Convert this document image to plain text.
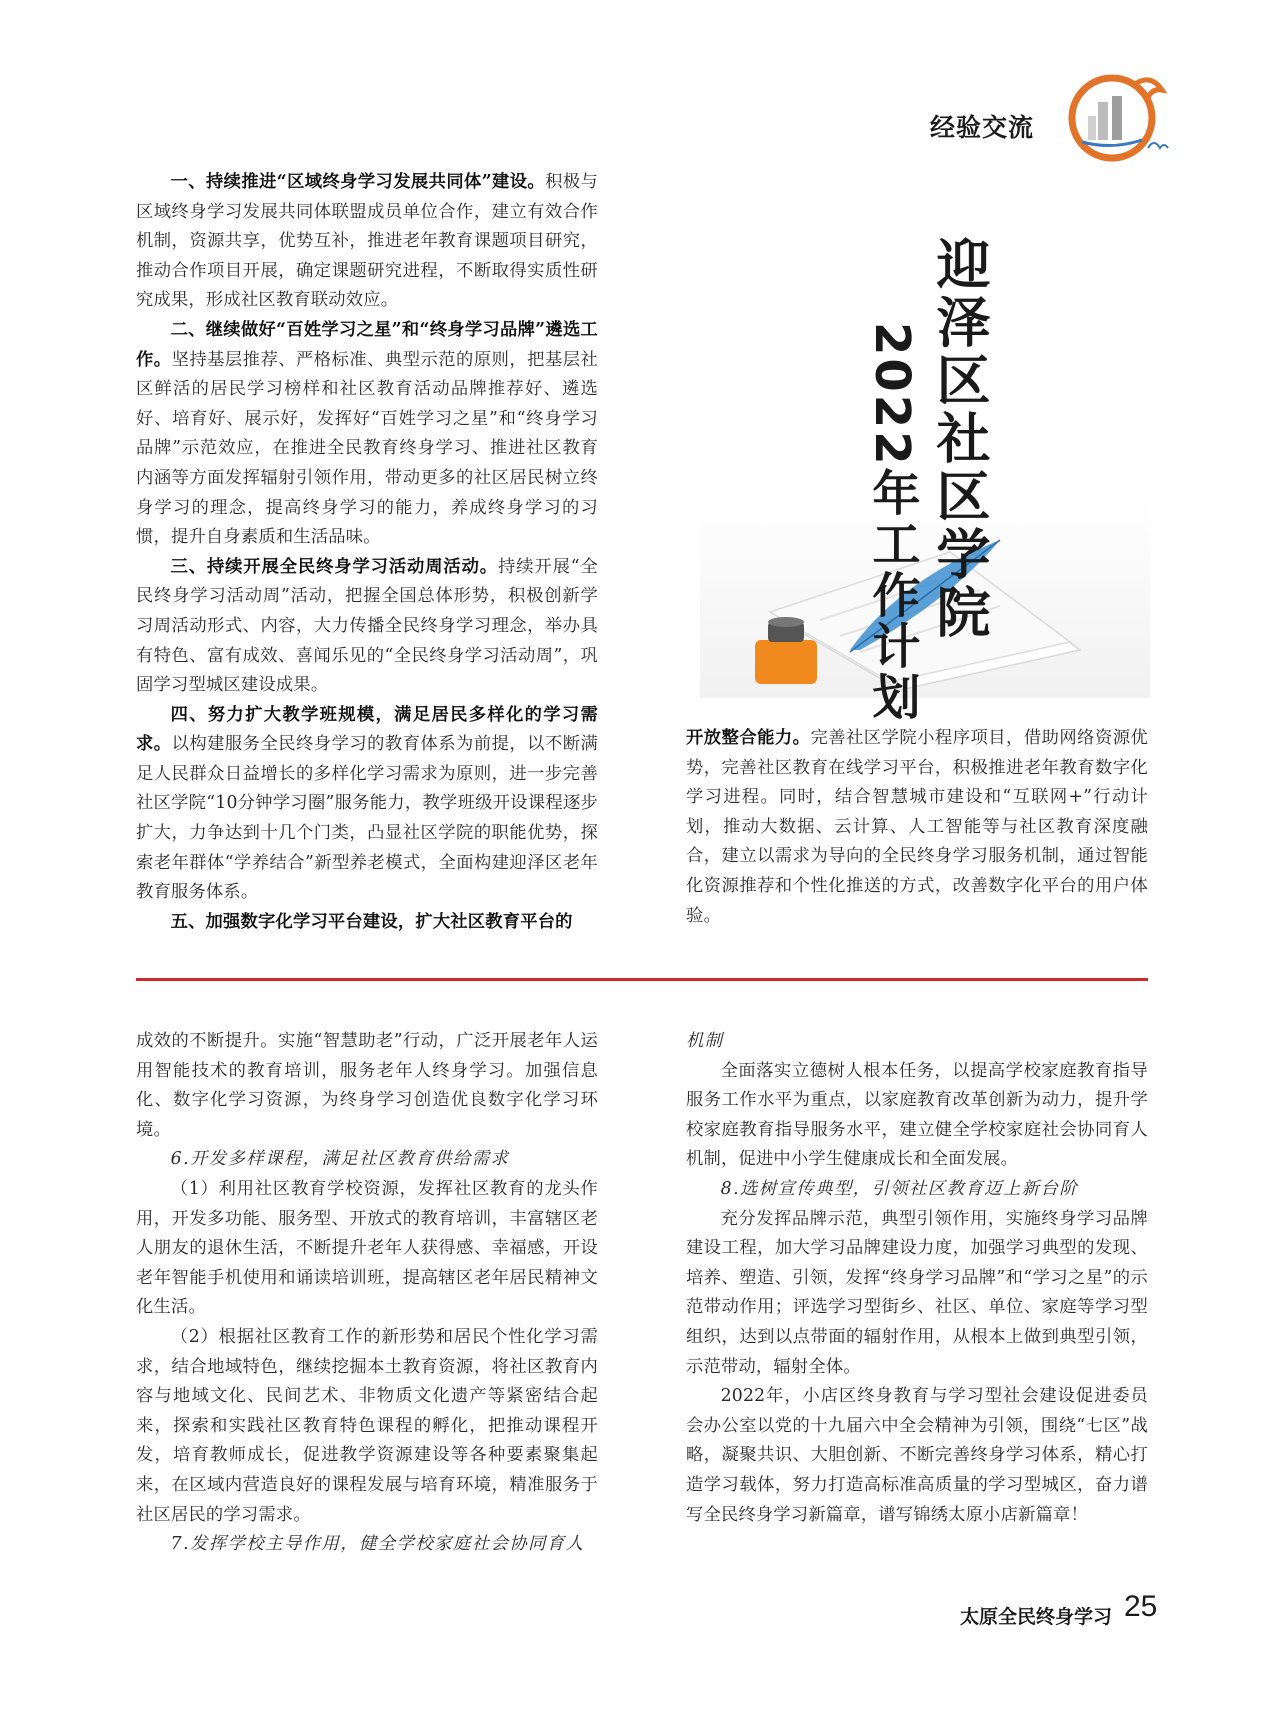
经验交流

一、持续推进“区域终身学习发展共同体”建设。积极与区域终身学习发展共同体联盟成员单位合作，建立有效合作机制，资源共享，优势互补，推进老年教育课题项目研究，推动合作项目开展，确定课题研究进程，不断取得实质性研究成果，形成社区教育联动效应。

二、继续做好“百姓学习之星”和“终身学习品牌”遴选工作。坚持基层推荐、严格标准、典型示范的原则，把基层社区鲜活的居民学习榜样和社区教育活动品牌推荐好、遴选好、培育好、展示好，发挥好“百姓学习之星”和“终身学习品牌”示范效应，在推进全民教育终身学习、推进社区教育内涵等方面发挥辐射引领作用，带动更多的社区居民树立终身学习的理念，提高终身学习的能力，养成终身学习的习惯，提升自身素质和生活品味。

三、持续开展全民终身学习活动周活动。持续开展“全民终身学习活动周”活动，把握全国总体形势，积极创新学习周活动形式、内容，大力传播全民终身学习理念，举办具有特色、富有成效、喜闻乐见的“全民终身学习活动周”，巩固学习型城区建设成果。

四、努力扩大教学班规模，满足居民多样化的学习需求。以构建服务全民终身学习的教育体系为前提，以不断满足人民群众日益增长的多样化学习需求为原则，进一步完善社区学院“10分钟学习圈”服务能力，教学班级开设课程逐步扩大，力争达到十几个门类，凸显社区学院的职能优势，探索老年群体“学养结合”新型养老模式，全面构建迎泽区老年教育服务体系。

五、加强数字化学习平台建设，扩大社区教育平台的

迎泽区社区学院
2022年工作计划

开放整合能力。完善社区学院小程序项目，借助网络资源优势，完善社区教育在线学习平台，积极推进老年教育数字化学习进程。同时，结合智慧城市建设和“互联网+”行动计划，推动大数据、云计算、人工智能等与社区教育深度融合，建立以需求为导向的全民终身学习服务机制，通过智能化资源推荐和个性化推送的方式，改善数字化平台的用户体验。

成效的不断提升。实施“智慧助老”行动，广泛开展老年人运用智能技术的教育培训，服务老年人终身学习。加强信息化、数字化学习资源，为终身学习创造优良数字化学习环境。

6.开发多样课程，满足社区教育供给需求

（1）利用社区教育学校资源，发挥社区教育的龙头作用，开发多功能、服务型、开放式的教育培训，丰富辖区老人朋友的退休生活，不断提升老年人获得感、幸福感，开设老年智能手机使用和诵读培训班，提高辖区老年居民精神文化生活。

（2）根据社区教育工作的新形势和居民个性化学习需求，结合地域特色，继续挖掘本土教育资源，将社区教育内容与地域文化、民间艺术、非物质文化遗产等紧密结合起来，探索和实践社区教育特色课程的孵化，把推动课程开发，培育教师成长，促进教学资源建设等各种要素聚集起来，在区域内营造良好的课程发展与培育环境，精准服务于社区居民的学习需求。

7.发挥学校主导作用，健全学校家庭社会协同育人

机制

全面落实立德树人根本任务，以提高学校家庭教育指导服务工作水平为重点，以家庭教育改革创新为动力，提升学校家庭教育指导服务水平，建立健全学校家庭社会协同育人机制，促进中小学生健康成长和全面发展。

8.选树宣传典型，引领社区教育迈上新台阶

充分发挥品牌示范，典型引领作用，实施终身学习品牌建设工程，加大学习品牌建设力度，加强学习典型的发现、培养、塑造、引领，发挥“终身学习品牌”和“学习之星”的示范带动作用；评选学习型街乡、社区、单位、家庭等学习型组织，达到以点带面的辐射作用，从根本上做到典型引领，示范带动，辐射全体。

2022年，小店区终身教育与学习型社会建设促进委员会办公室以党的十九届六中全会精神为引领，围绕“七区”战略，凝聚共识、大胆创新、不断完善终身学习体系，精心打造学习载体，努力打造高标准高质量的学习型城区，奋力谱写全民终身学习新篇章，谱写锦绣太原小店新篇章！

太原全民终身学习 25
